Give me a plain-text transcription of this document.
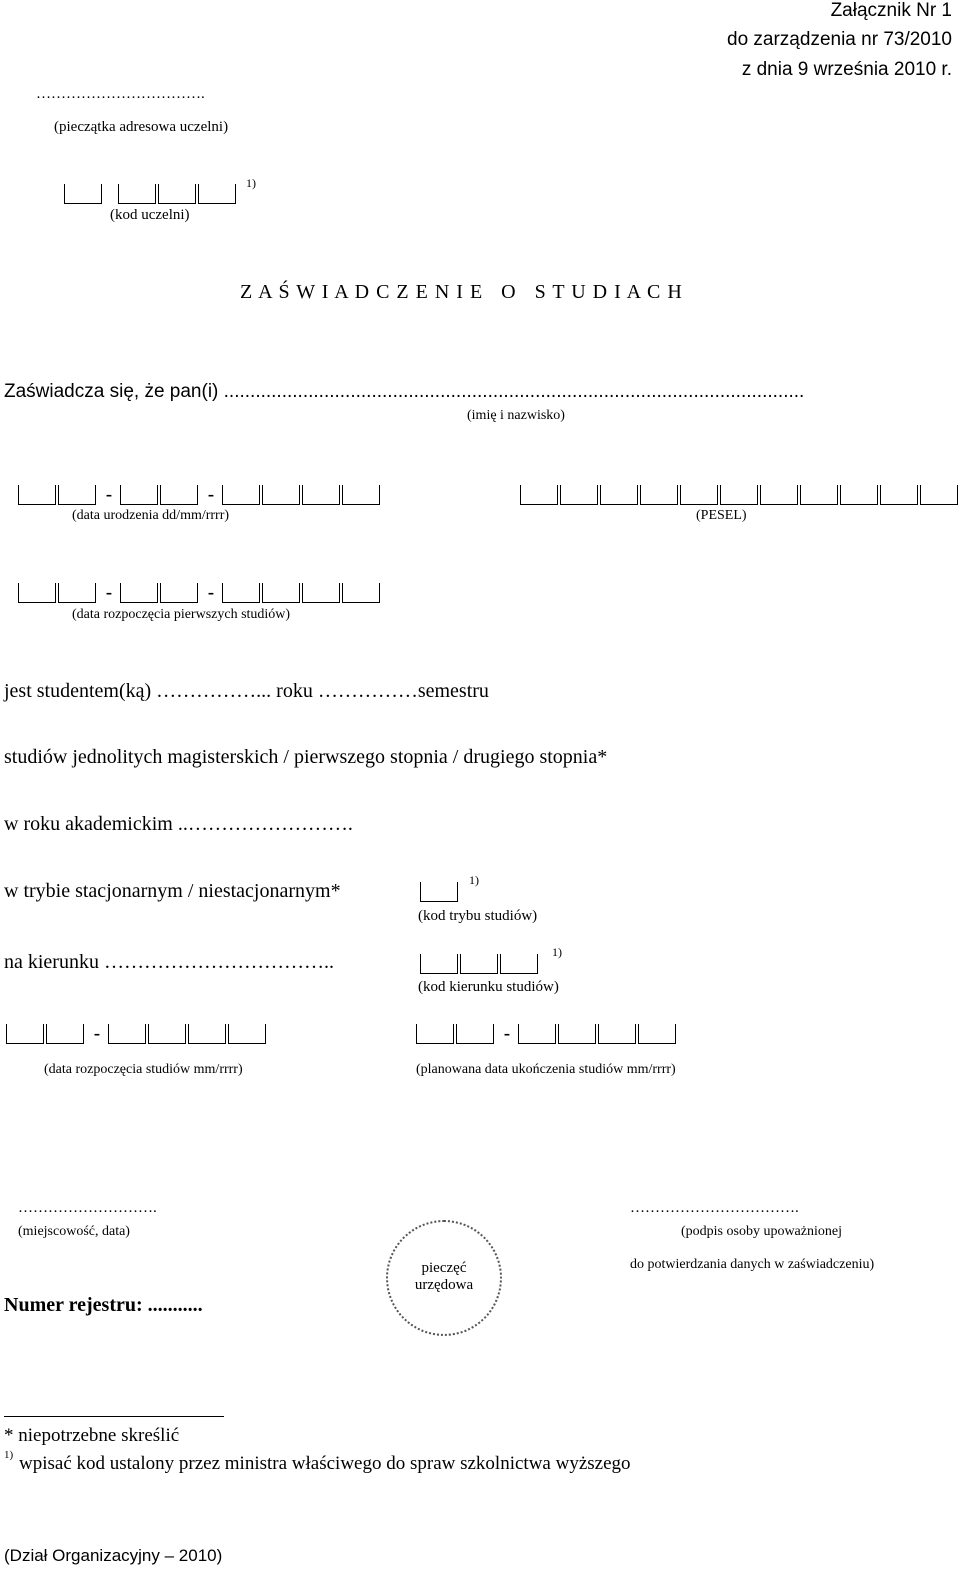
Załącznik Nr 1
do zarządzenia nr 73/2010
z dnia 9 września 2010 r.
…………………………….
(pieczątka adresowa uczelni)
1)
(kod uczelni)
Z A Ś W I A D C Z E N I E   O   S T U D I A C H
Zaświadcza się, że pan(i) ..............................................................................................................
(imię i nazwisko)
-	-
(data urodzenia dd/mm/rrrr)	(PESEL)
-	-
(data rozpoczęcia pierwszych studiów)
jest studentem(ką) ……………... roku ……………semestru
studiów jednolitych magisterskich / pierwszego stopnia / drugiego stopnia*
w roku akademickim ..…………………….
w trybie stacjonarnym / niestacjonarnym*	1)
(kod trybu studiów)
na kierunku ……………………………..	1)
(kod kierunku studiów)
-
(data rozpoczęcia studiów mm/rrrr)
-
(planowana data ukończenia studiów mm/rrrr)
……………………….
(miejscowość, data)
…………………………….
(podpis osoby upoważnionej
do potwierdzania danych w zaświadczeniu)
pieczęć
urzędowa
Numer rejestru: ...........
* niepotrzebne skreślić
1) wpisać kod ustalony przez ministra właściwego do spraw szkolnictwa wyższego
(Dział Organizacyjny – 2010)
